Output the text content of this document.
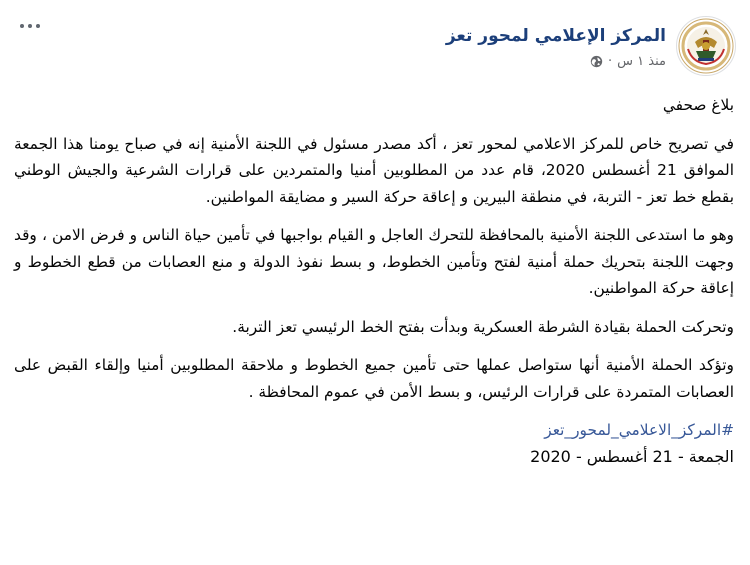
المركز الإعلامي لمحور تعز
منذ ١ س
·

بلاغ صحفي

في تصريح خاص للمركز الاعلامي لمحور تعز ، أكد مصدر مسئول في اللجنة الأمنية إنه في صباح يومنا هذا الجمعة الموافق 21 أغسطس 2020، قام عدد من المطلوبين أمنيا والمتمردين على قرارات الشرعية والجيش الوطني بقطع خط تعز - التربة، في منطقة البيرين و إعاقة حركة السير و مضايقة المواطنين.

وهو ما استدعى اللجنة الأمنية بالمحافظة للتحرك العاجل و القيام بواجبها في تأمين حياة الناس و فرض الامن ، وقد وجهت اللجنة بتحريك حملة أمنية لفتح وتأمين الخطوط، و بسط نفوذ الدولة و منع العصابات من قطع الخطوط و إعاقة حركة المواطنين.

وتحركت الحملة بقيادة الشرطة العسكرية وبدأت بفتح الخط الرئيسي تعز التربة.

وتؤكد الحملة الأمنية أنها ستواصل عملها حتى تأمين جميع الخطوط و ملاحقة المطلوبين أمنيا وإلقاء القبض على العصابات المتمردة على قرارات الرئيس، و بسط الأمن في عموم المحافظة .

#المركز_الاعلامي_لمحور_تعز

الجمعة - 21 أغسطس - 2020
